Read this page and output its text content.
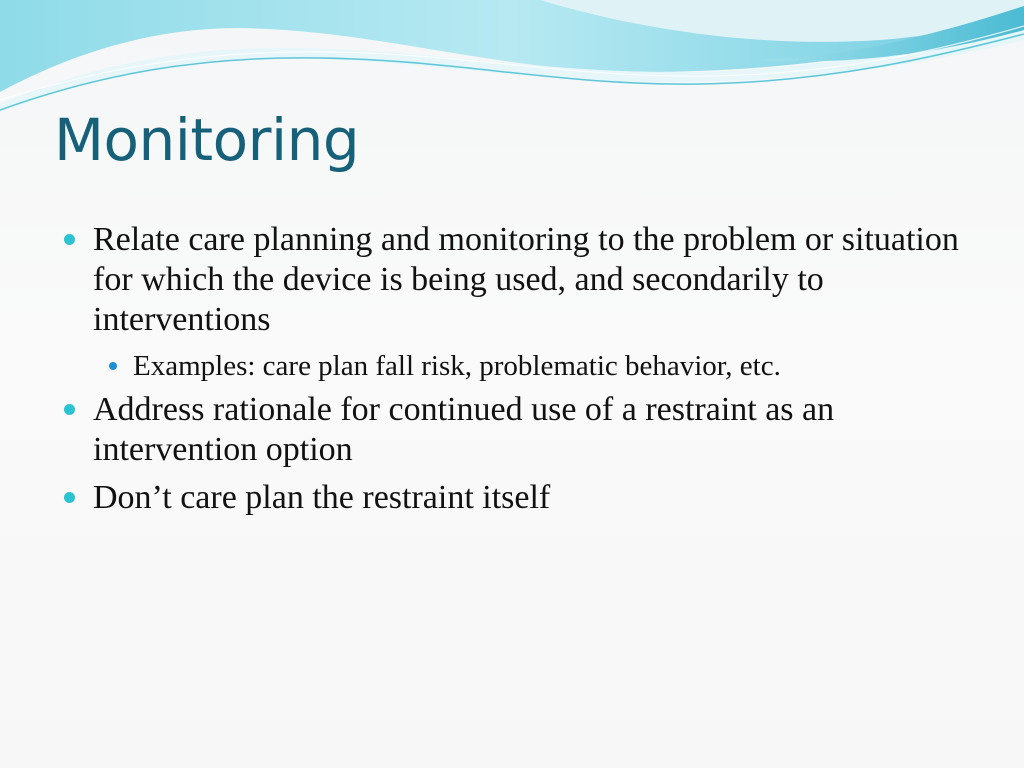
Monitoring
Relate care planning and monitoring to the problem or situation for which the device is being used, and secondarily to interventions
Examples: care plan fall risk, problematic behavior, etc.
Address rationale for continued use of a restraint as an intervention option
Don’t care plan the restraint itself
